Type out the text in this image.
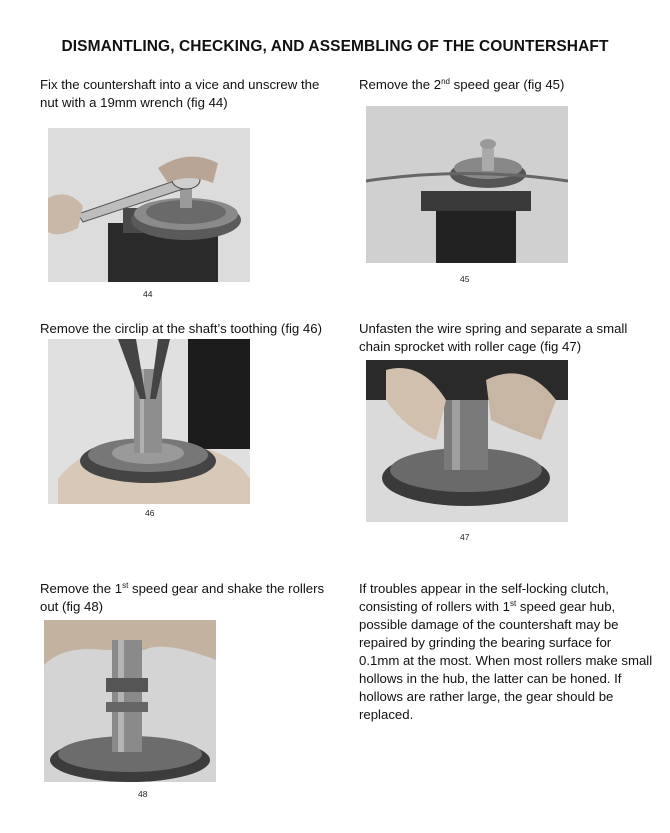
DISMANTLING, CHECKING, AND ASSEMBLING OF THE COUNTERSHAFT
Fix the countershaft into a vice and unscrew the
nut with a 19mm wrench (fig 44)
44
Remove the 2nd speed gear (fig 45)
45
Remove the circlip at the shaft’s toothing (fig 46)
46
Unfasten the wire spring and separate a small
chain sprocket with roller cage (fig 47)
47
Remove the 1st speed gear and shake the rollers
out (fig 48)
48
If troubles appear in the self-locking clutch,
consisting of rollers with 1st speed gear hub,
possible damage of the countershaft may be
repaired by grinding the bearing surface for
0.1mm at the most. When most rollers make small
hollows in the hub, the latter can be honed. If
hollows are rather large, the gear should be
replaced.
